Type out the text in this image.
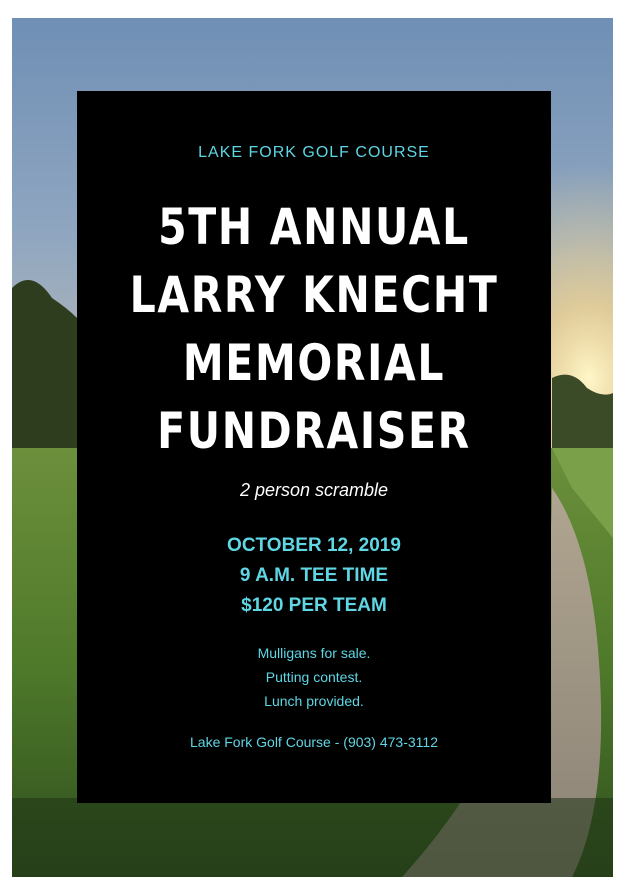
LAKE FORK GOLF COURSE
5TH ANNUAL
LARRY KNECHT
MEMORIAL
FUNDRAISER
2 person scramble
OCTOBER 12, 2019
9 A.M. TEE TIME
$120 PER TEAM
Mulligans for sale.
Putting contest.
Lunch provided.
Lake Fork Golf Course - (903) 473-3112
